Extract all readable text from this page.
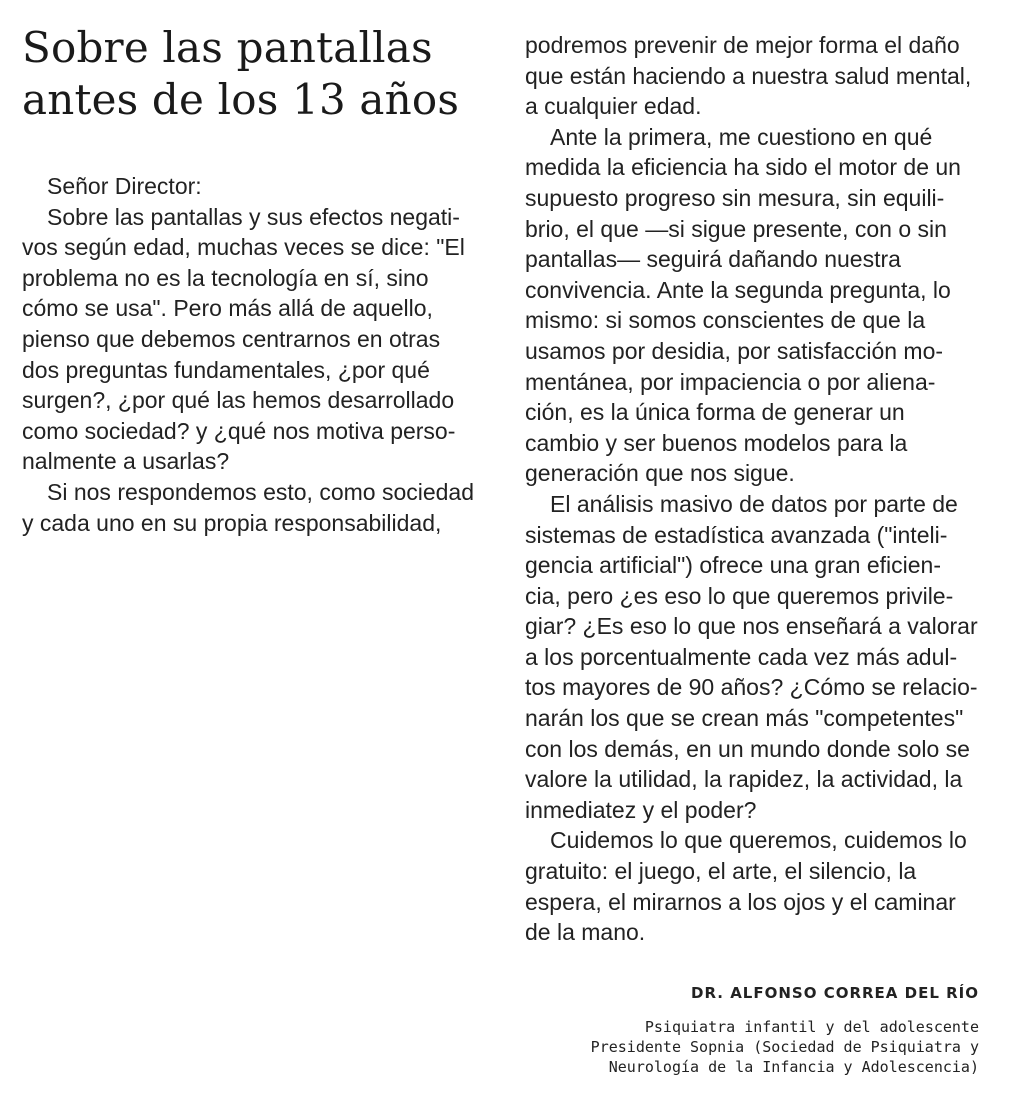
Sobre las pantallas
antes de los 13 años
Señor Director:
Sobre las pantallas y sus efectos negati-
vos según edad, muchas veces se dice: "El
problema no es la tecnología en sí, sino
cómo se usa". Pero más allá de aquello,
pienso que debemos centrarnos en otras
dos preguntas fundamentales, ¿por qué
surgen?, ¿por qué las hemos desarrollado
como sociedad? y ¿qué nos motiva perso-
nalmente a usarlas?
Si nos respondemos esto, como sociedad
y cada uno en su propia responsabilidad,
podremos prevenir de mejor forma el daño
que están haciendo a nuestra salud mental,
a cualquier edad.
Ante la primera, me cuestiono en qué
medida la eficiencia ha sido el motor de un
supuesto progreso sin mesura, sin equili-
brio, el que —si sigue presente, con o sin
pantallas— seguirá dañando nuestra
convivencia. Ante la segunda pregunta, lo
mismo: si somos conscientes de que la
usamos por desidia, por satisfacción mo-
mentánea, por impaciencia o por aliena-
ción, es la única forma de generar un
cambio y ser buenos modelos para la
generación que nos sigue.
El análisis masivo de datos por parte de
sistemas de estadística avanzada ("inteli-
gencia artificial") ofrece una gran eficien-
cia, pero ¿es eso lo que queremos privile-
giar? ¿Es eso lo que nos enseñará a valorar
a los porcentualmente cada vez más adul-
tos mayores de 90 años? ¿Cómo se relacio-
narán los que se crean más "competentes"
con los demás, en un mundo donde solo se
valore la utilidad, la rapidez, la actividad, la
inmediatez y el poder?
Cuidemos lo que queremos, cuidemos lo
gratuito: el juego, el arte, el silencio, la
espera, el mirarnos a los ojos y el caminar
de la mano.
DR. ALFONSO CORREA DEL RÍO
Psiquiatra infantil y del adolescente
Presidente Sopnia (Sociedad de Psiquiatra y
Neurología de la Infancia y Adolescencia)
